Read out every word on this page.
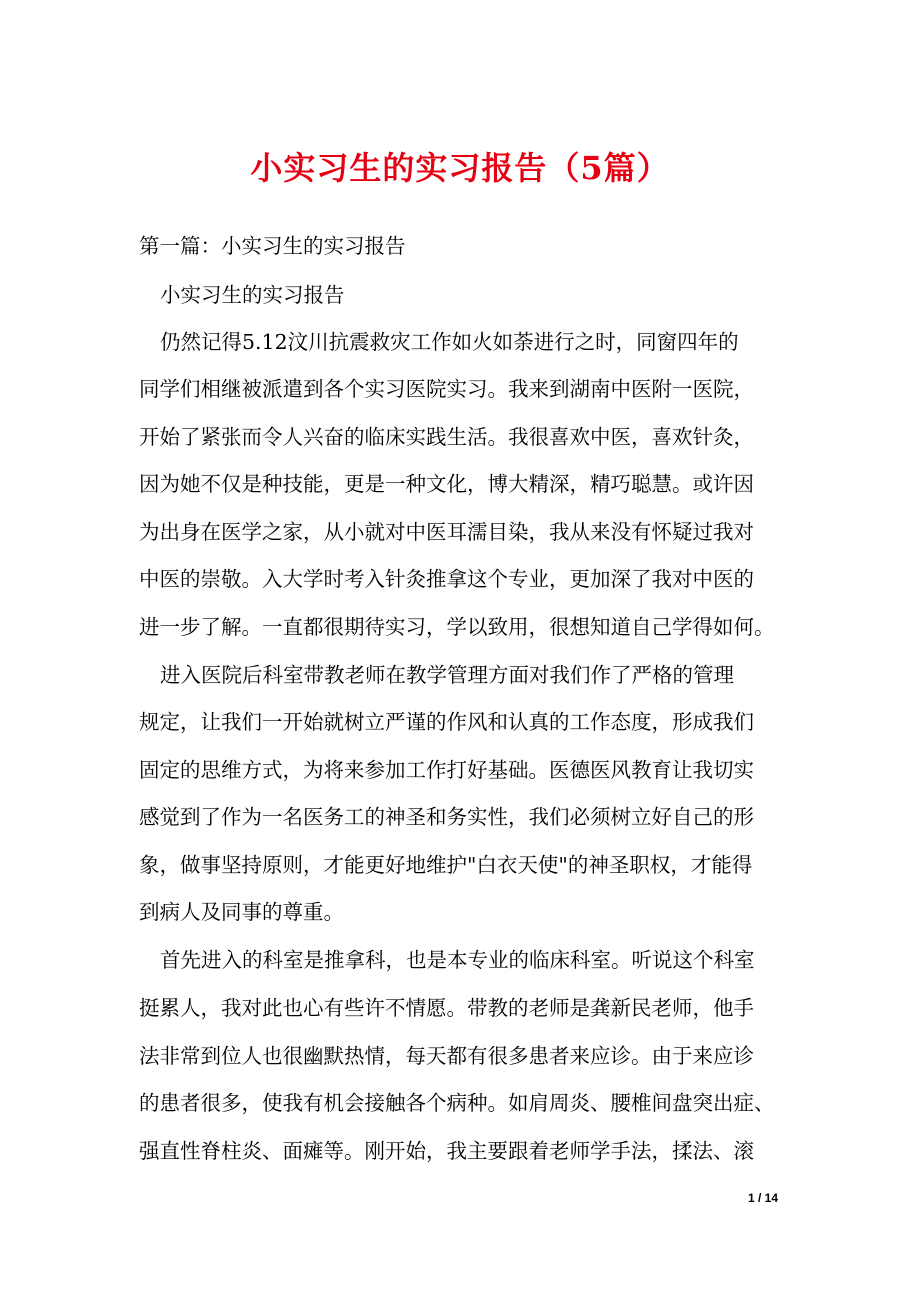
小实习生的实习报告（5篇）
第一篇：小实习生的实习报告
小实习生的实习报告
仍然记得5.12汶川抗震救灾工作如火如荼进行之时，同窗四年的
同学们相继被派遣到各个实习医院实习。我来到湖南中医附一医院，
开始了紧张而令人兴奋的临床实践生活。我很喜欢中医，喜欢针灸，
因为她不仅是种技能，更是一种文化，博大精深，精巧聪慧。或许因
为出身在医学之家，从小就对中医耳濡目染，我从来没有怀疑过我对
中医的崇敬。入大学时考入针灸推拿这个专业，更加深了我对中医的
进一步了解。一直都很期待实习，学以致用，很想知道自己学得如何。
进入医院后科室带教老师在教学管理方面对我们作了严格的管理
规定，让我们一开始就树立严谨的作风和认真的工作态度，形成我们
固定的思维方式，为将来参加工作打好基础。医德医风教育让我切实
感觉到了作为一名医务工的神圣和务实性，我们必须树立好自己的形
象，做事坚持原则，才能更好地维护"白衣天使"的神圣职权，才能得
到病人及同事的尊重。
首先进入的科室是推拿科，也是本专业的临床科室。听说这个科室
挺累人，我对此也心有些许不情愿。带教的老师是龚新民老师，他手
法非常到位人也很幽默热情，每天都有很多患者来应诊。由于来应诊
的患者很多，使我有机会接触各个病种。如肩周炎、腰椎间盘突出症、
强直性脊柱炎、面瘫等。刚开始，我主要跟着老师学手法，揉法、滚
1 / 14
